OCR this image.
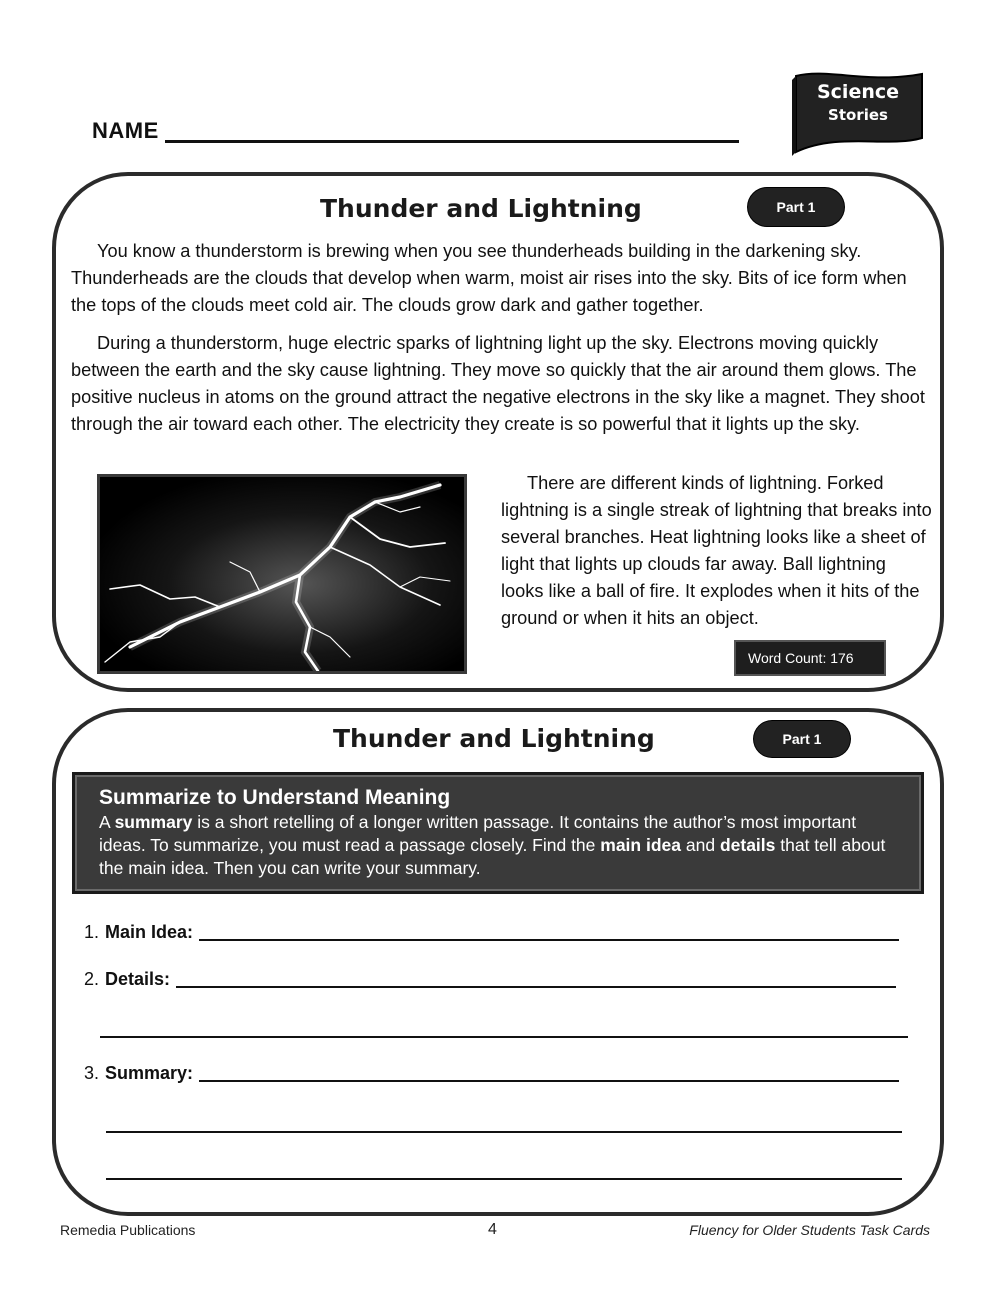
NAME
Science
Stories
Thunder and Lightning	Part 1

You know a thunderstorm is brewing when you see thunderheads building in the darkening sky. Thunderheads are the clouds that develop when warm, moist air rises into the sky. Bits of ice form when the tops of the clouds meet cold air. The clouds grow dark and gather together.

During a thunderstorm, huge electric sparks of lightning light up the sky. Electrons moving quickly between the earth and the sky cause lightning. They move so quickly that the air around them glows. The positive nucleus in atoms on the ground attract the negative electrons in the sky like a magnet. They shoot through the air toward each other. The electricity they create is so powerful that it lights up the sky.

There are different kinds of lightning. Forked lightning is a single streak of lightning that breaks into several branches. Heat lightning looks like a sheet of light that lights up clouds far away. Ball lightning looks like a ball of fire. It explodes when it hits of the ground or when it hits an object.

Word Count: 176
Thunder and Lightning	Part 1
Summarize to Understand Meaning
A summary is a short retelling of a longer written passage. It contains the author’s most important ideas. To summarize, you must read a passage closely. Find the main idea and details that tell about the main idea. Then you can write your summary.
1. Main Idea:
2. Details:
3. Summary:
Remedia Publications	4	Fluency for Older Students Task Cards
